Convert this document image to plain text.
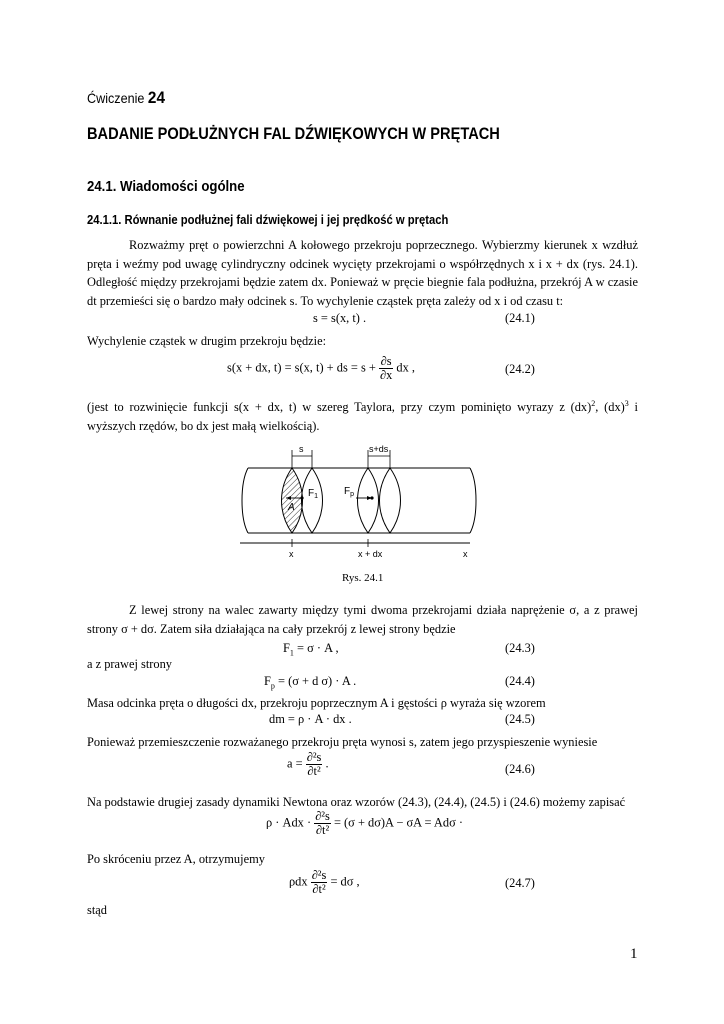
Ćwiczenie 24
BADANIE PODŁUŻNYCH FAL DŹWIĘKOWYCH W PRĘTACH
24.1. Wiadomości ogólne
24.1.1. Równanie podłużnej fali dźwiękowej i jej prędkość w prętach
Rozważmy pręt o powierzchni A kołowego przekroju poprzecznego. Wybierzmy kierunek x wzdłuż pręta i weźmy pod uwagę cylindryczny odcinek wycięty przekrojami o współrzędnych x i x + dx (rys. 24.1). Odległość między przekrojami będzie zatem dx. Ponieważ w pręcie biegnie fala podłużna, przekrój A w czasie dt przemieści się o bardzo mały odcinek s. To wychylenie cząstek pręta zależy od x i od czasu t:
s = s(x, t) .	(24.1)
Wychylenie cząstek w drugim przekroju będzie:
s(x + dx, t) = s(x, t) + ds = $s + \frac{\partial s}{\partial x}$ dx ,	(24.2)
(jest to rozwinięcie funkcji s(x + dx, t) w szereg Taylora, przy czym pominięto wyrazy z (dx)$^2$, (dx)$^3$ i wyższych rzędów, bo dx jest małą wielkością).
s	s+ds
$F_1$	$F_p$
A
x	x + dx	x
Rys. 24.1
Z lewej strony na walec zawarty między tymi dwoma przekrojami działa naprężenie σ, a z prawej strony σ + dσ. Zatem siła działająca na cały przekrój z lewej strony będzie
$F_1 = \sigma \cdot A$ ,	(24.3)
a z prawej strony
$F_p = (\sigma + d$ σ) · A .	(24.4)
Masa odcinka pręta o długości dx, przekroju poprzecznym A i gęstości ρ wyraża się wzorem
dm = ρ · A · dx .	(24.5)
Ponieważ przemieszczenie rozważanego przekroju pręta wynosi s, zatem jego przyspieszenie wyniesie
$a = \frac{\text{∂²s}}{\text{∂t²}}$ .	(24.6)
Na podstawie drugiej zasady dynamiki Newtona oraz wzorów (24.3), (24.4), (24.5) i (24.6) możemy zapisać
ρ · Adx · $\frac{\text{∂²s}}{\text{∂t²}} = (\sigma + d\sigma)A - \sigma A = Ad\sigma$ ·
Po skróceniu przez A, otrzymujemy
ρdx $\frac{\text{∂²s}}{\text{∂t²}} = d\sigma$ ,	(24.7)
stąd
1
